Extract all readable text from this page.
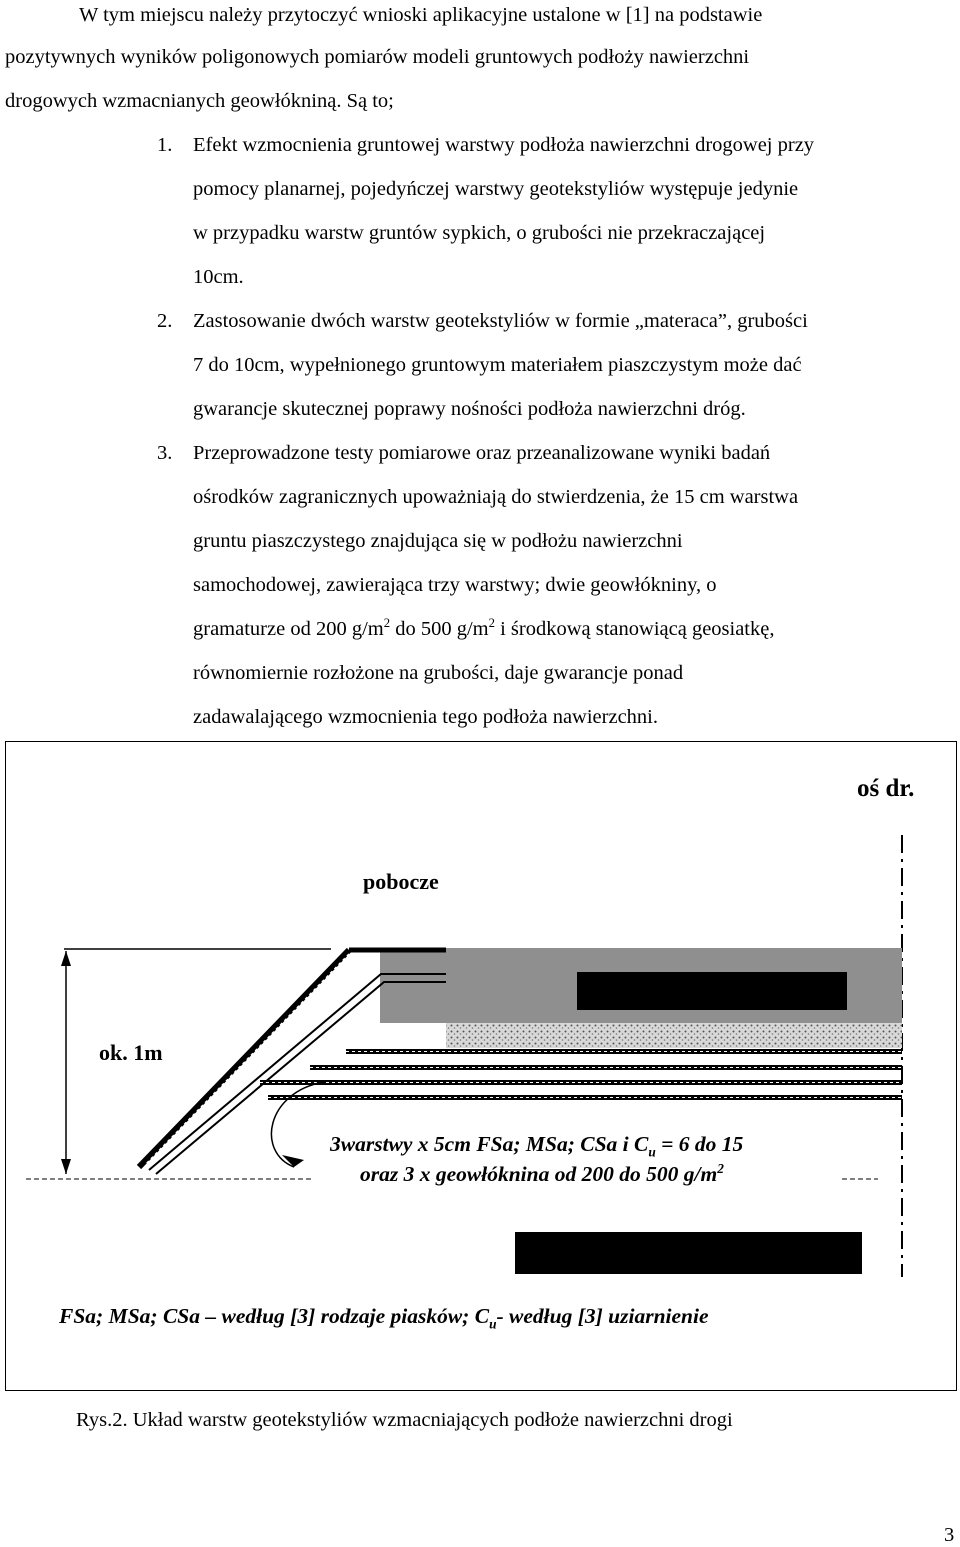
W tym miejscu należy przytoczyć wnioski aplikacyjne ustalone w [1] na podstawie
pozytywnych wyników poligonowych pomiarów modeli gruntowych podłoży nawierzchni
drogowych wzmacnianych geowłókniną. Są to;
1. Efekt wzmocnienia gruntowej warstwy podłoża nawierzchni drogowej przy
pomocy planarnej, pojedyńczej warstwy geotekstyliów występuje jedynie
w przypadku warstw gruntów sypkich, o grubości nie przekraczającej
10cm.
2. Zastosowanie dwóch warstw geotekstyliów w formie „materaca”, grubości
7 do 10cm, wypełnionego gruntowym materiałem piaszczystym może dać
gwarancje skutecznej poprawy nośności podłoża nawierzchni dróg.
3. Przeprowadzone testy pomiarowe oraz przeanalizowane wyniki badań
ośrodków zagranicznych upoważniają do stwierdzenia, że 15 cm warstwa
gruntu piaszczystego znajdująca się w podłożu nawierzchni
samochodowej, zawierająca trzy warstwy; dwie geowłókniny, o
gramaturze od 200 $g/m^2$ do 500 $g/m^2$ i środkową stanowiącą geosiatkę,
równomiernie rozłożone na grubości, daje gwarancje ponad
zadawalającego wzmocnienia tego podłoża nawierzchni.
oś dr.
pobocze
ok. 1m
3warstwy x 5cm FSa; MSa; CSa i $C_u = 6$ do 15
oraz 3 x geowłóknina od 200 do 500 $g/m^2$
FSa; MSa; CSa – według [3] rodzaje piasków; $C_u-$ według [3] uziarnienie
Rys.2. Układ warstw geotekstyliów wzmacniających podłoże nawierzchni drogi
3
